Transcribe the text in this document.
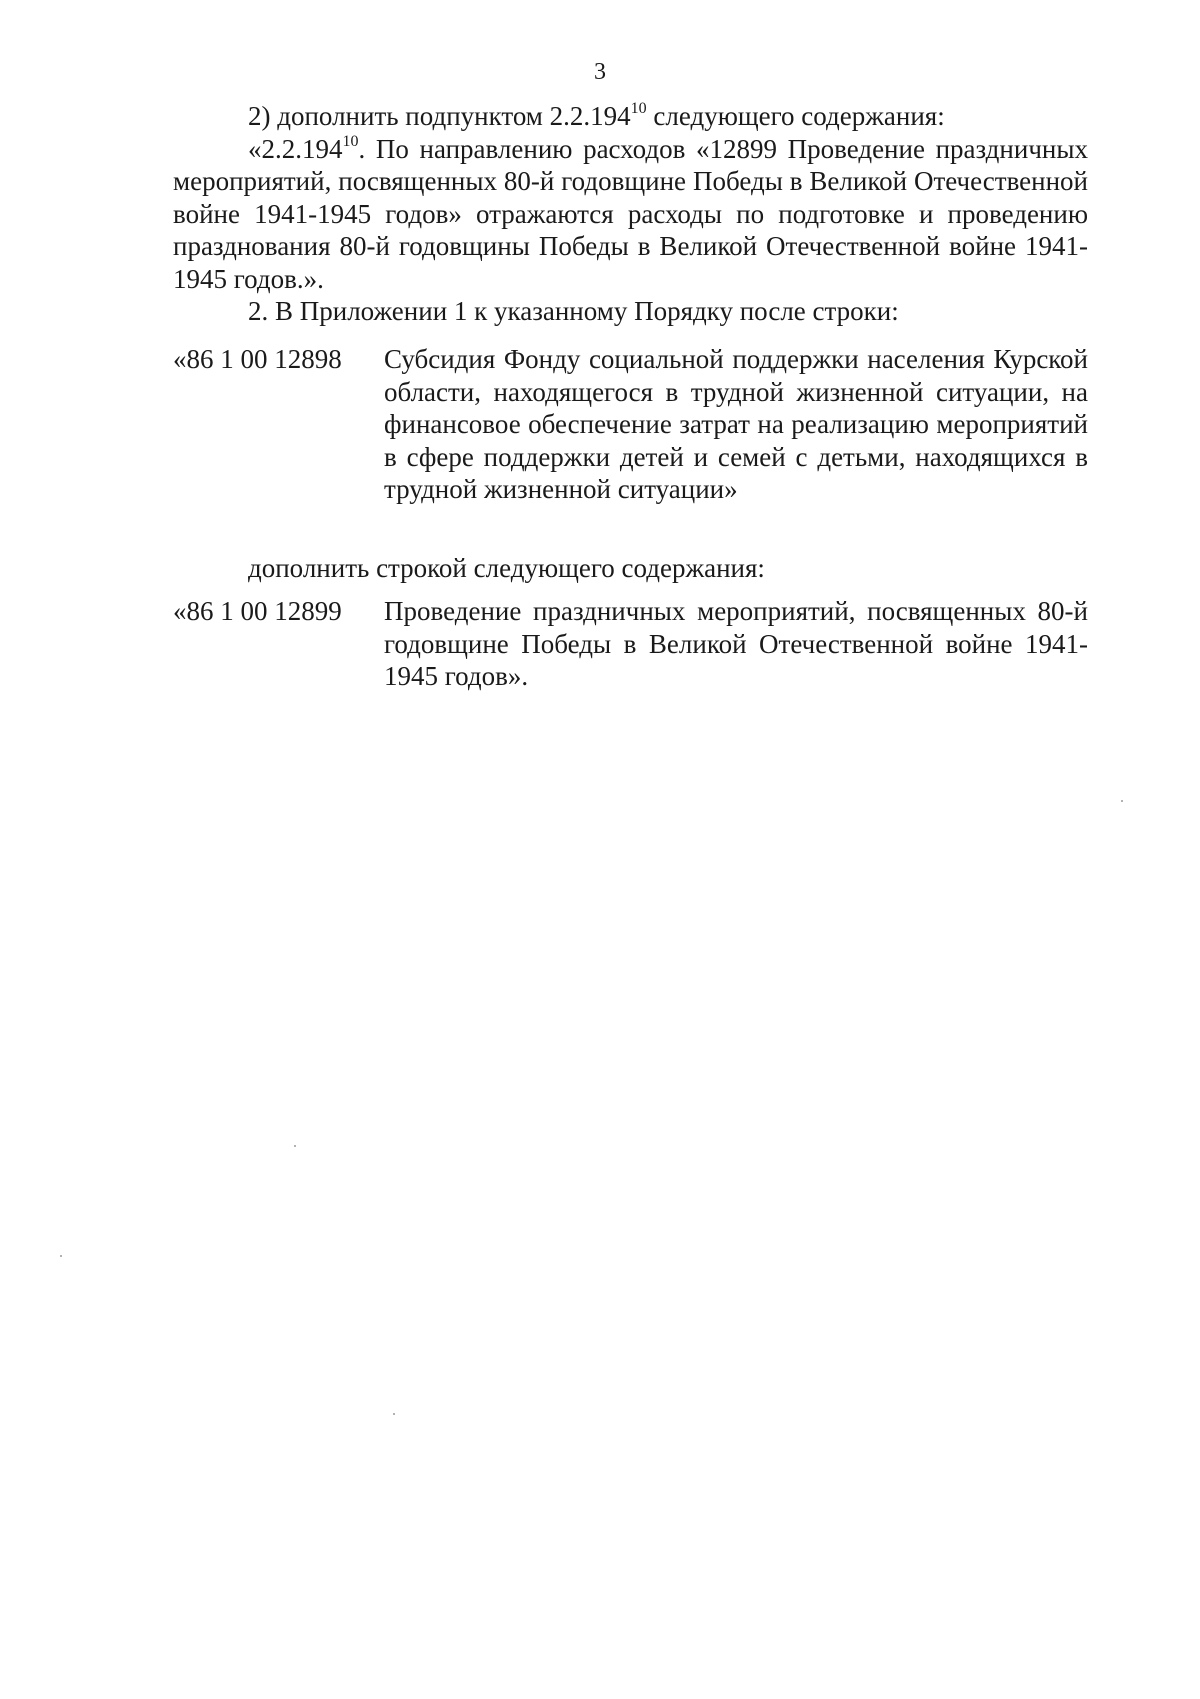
3

2) дополнить подпунктом 2.2.194$^{10}$ следующего содержания:

«2.2.194$^{10}$. По направлению расходов «12899 Проведение праздничных мероприятий, посвященных 80-й годовщине Победы в Великой Отечественной войне 1941-1945 годов» отражаются расходы по подготовке и проведению празднования 80-й годовщины Победы в Великой Отечественной войне 1941-1945 годов.».

2. В Приложении 1 к указанному Порядку после строки:

«86 1 00 12898 Субсидия Фонду социальной поддержки населения Курской области, находящегося в трудной жизненной ситуации, на финансовое обеспечение затрат на реализацию мероприятий в сфере поддержки детей и семей с детьми, находящихся в трудной жизненной ситуации»

дополнить строкой следующего содержания:

«86 1 00 12899 Проведение праздничных мероприятий, посвященных 80-й годовщине Победы в Великой Отечественной войне 1941-1945 годов».
